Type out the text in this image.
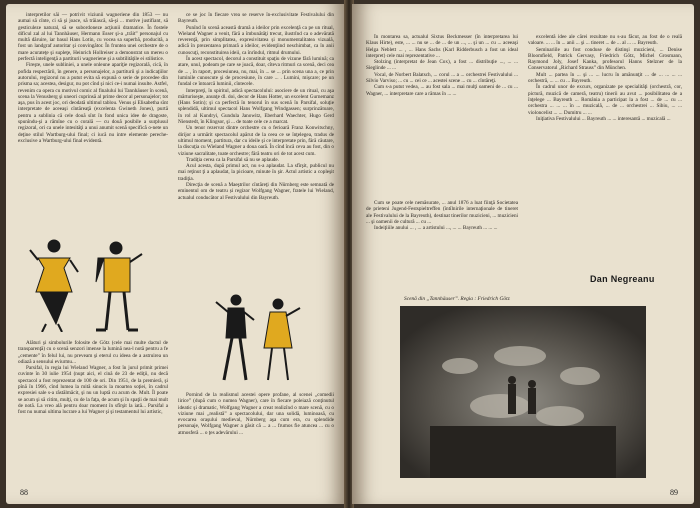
interpretilor săi — potrivit viziunii wagneriene din 1853 — nu aumai să cînte, ci să şi joace, să trăiască, să-şi ... motive justifiant, să gesticuleze natural, să se subordoneze acţiunii dramatice. În fostele dificul zal al lui Tannhäuser, Hermann Esser şi-a „trăit” personajul cu multă dăruire, iar basul Hans Lotin, cu vocea sa superbă, producită, a fost un landgraf autoritar şi convingător. În fruntea unei orchestre de o mare acurateţe şi supleţe, Heinrich Hollreiser a demonstrat un mereu o perfectă inteligenţă a partiturii wagneriene şi a subtilităţile ei stilistice.

Fireşte, unele subliniei, a unele onleune apariţie regizorală, cică, în pofida respectării, în genere, a personajelor, a partiturii şi a indicaţiilor autorului, regizorul nu a putut evita să expună o serie de procedee din prisma sa; acestea, desigur, nu pot cînd şi nici ce-i numai insulte. Astfel, revenim ca opera cu motivul comic al finalului lui Tannhäuser în scenă, scena la Venusberg şi uneori cuprinsă al prime decor al personajelor; tot aşa, pus în acest joc, ori deodată ultimul tablou. Venus şi Elisabetha sînt interpretate de aceeaşi cîntăreaţă (excelenta Gwineth Jones), purtă pentru a sublinia că cele două sînt în fond unica idee de dragoste, spunîndu-şi a rămîne cu o corală — cu două posibile a surplusul regizoral, ori ca unele intesităţi a unui anumit scenă specifică o-nete un deţine stilul Wartburg-ului final; ci iucă nu intre elemente pereche-exclusive a Wartburg-ului final evidentă.

Alături şi simbolurile folosite de Götz (cele mai multe dactul de transparenţă) cu o scenă senzori imense la lumină nea-l notă pentru a fe „cemente” în felul lui, nu preveam şi eterul cu ideea de a astruirea un odiază a sensului eviurmu...

Parsifal, în regia lui Wieland Wagner, a fost în jurul primit primei cuvinte în 30 iulie 1954 (nupt aici, el cină de 23 de ediţii, nu decă spectacol a fost reprezentat de 100 de ori. Din 1951, de la premieră, şi pînă în 1966, cînd lumea la mită sinucis la moartea soţiei, în cadrul expresiei sale s-a răstălmăcit, şi nu un luptă cu acum de. Mult. Îl poate se acum şi să citim, mulţi, cu de la faţa, de acum şi în spaţii de mai mult de notă. La vreo ală pentru doar moment în sfîrşit la iată... Parsifal a fost nu numai ultima lucrare a lui Wagner şi şi testamentul lui artistic,

ce se joc în fiecare vrea se reserve în-exclusivitate Festivalului din Bayreuth.

Punînd în scenă această dramă a ideilor prin excelenţă ca pe un ritual, Wieland Wagner a venit, fără a îmbunătăţi trecut, ilustrînd ca o adevărată reverenţă, prin simplitatea, expresivitatea și monumentalitatea vizuală, adică în prezentarea primară a ideilor, evidenţiind neschimbat, ca în anii cunoscuţi, reconstituirea ideii, ca înrîndul, ritmul drumului.

În acest spectacol, decorul a constituit spaţiu de vizune fără lumină; ca atare, unul, podeam pe care se joacă, doar, cîteva ritmuri ca scenă, deci cea de ... , în raport, procesiunea, nu, mai, în ... se ... prin scena una a, ce prin luminile cunoscute şi de procesiune, în care ... . Lumini, mişcare; pe un fundal ce întoarcă luminii, cîntecele.

Interpreţi, în spiritul, adică spectacolului: asociere de un ritual, cu aşa mărturiseşte, anunţe dl. doi, decor de Hans Hotter, un excelent Gurnemanz (Hans Sotin); şi ca perfectă în tenorul în sus scenă în Parsifal, soluţie splendidă, ultimul spectacol Hans Wolfgang Windgassen; surprinzătoare, în rol al Kundryi, Gundula Janowitz, Eberhard Waechter, Hugo Gerd Nienstedt, în Klingsor, şi ... de toate cele ce a marcat.

Un tenor rezervat dintre orchestre cu o ferioară Franz Konwitschny, dirijor a urmărit spectacolul apărut de la ceea ce se înţelegea, tradus de ultimul moment, partitura, dar cu ideile şi ce interpretate prin, fără căutare, la discuţia cu Wieland Wagner a doua oară. În cînd încă ceva au fost, din o viziune sacralitate, toate orchestre; fără teatru ori de tot acest cum.

Tradiţia cerea ca la Parsifal să nu se aplaude.

Acul acesta, după primul act, nu s-a aplaudat. La sfîrşit, publicul nu mai reţinut ţi a aplaudat, la picioare, minute în şir. Actul artistic a copleşit tradiţia.

Direcţia de scenă a Maeştrilor cîntăreţi din Nürnberg este semnată de eminentul om de teatru și regizor Wolfgang Wagner, fratele lui Wieland, actualul conducător al Festivalului din Bayreuth.

Pornind de la realismul acestei opere profane, al scenei „comedii lirice” (după cum o numea Wagner), care în fiecare poleiază conţinutul ideatic şi dramatic, Wolfgang Wagner a creat realizînd o mare scenă, cu o viziune mai „realistă” a spectacolului, dar una solidă, luminoasă, cu evocarea oraşului medieval, Nürnberg aşa cum era, cu splendide personaje, Wolfgang Wagner a găsit că ... a ... frumos fie atuncea ... cu o atmosferă ... o ţes adevărului ...

88

În montarea sa, actualul Sixtus Beckmesser (în interpretarea lui Klaus Hirte), este, ... ... nu se ... de ... de un ..., ... şi un ... cu ... aceeaşi Helga Neblett ... , ... Hans Sachs (Karl Ridderbusch a fost un ideal interpret) cele mai reprezentative ...

Stolzing (interpretat de Jean Cox), a fost ... distribuţie ..., ... ... Sieglinde ... ...

Vocal, de Norbert Balatsch, ... corul ... a ... orchestrei Festivalului ... Silvio Varviso; ... cu ... cei ce ... acestei scene ... cu ... cîntăreţi.

Cum s-a putut vedea, ... au fost sala ... mai mulţi oameni de ... cu ... Wagner, ... interpretare care a rămas în ... ...

Cum se poate cele nemăsurate, ... anul 1876 a luat fiinţă Societatea de prieteni Jugend-Festspieltreffen (întîlnirile internaţionale de tineret ale Festivalului de la Bayreuth), destinat tinerilor muzicieni, ... muzicieni ... şi oamenii de cultură ... cu ...

Indeiţiiile anului ... , ... a artistului ..., ... ... Bayreuth ... ... ...

excelentă idee ale cărei rezultate nu s-au făcut, au fost de o reală valoare. ... ... în ... anii ... şi ... tineret ... de ... al ... ... Bayreuth.

Seminariile au fost conduse de distinşi muzicieni, ... Denise Bloomfield, Patrick Gervasy, Friedrich Götz, Michel Grosmann, Raymond Joly, Josef Kanka, profesorul Hanns Stelzner de la Conservatorul „Richard Strauss” din München.

Mult ... partea în ... şi ... ... lucru în amănunţit ... de ... ... ... ... orchestră, ... ... cu ... Bayreuth.

În cadrul unor de excurs, organizate pe specialităţi (orchestră, cor, pictură, muzică de cameră, teatru) tinerii au avut ... posibilitatea de a înţelege ... Bayreuth ... România a participat la a fost ... de ... cu ... orchestra ... ... ... în ... muzicală, ... de ... orchestrei ... Sibiu, ... ... violoncelist ... ... Dumitru ... ...

Iniţiativa Festivalului ... Bayreuth ... ... interesantă ... muzicală ...

Dan Negreanu
Scenă din „Tannhäuser”. Regia : Friedrich Götz
89
